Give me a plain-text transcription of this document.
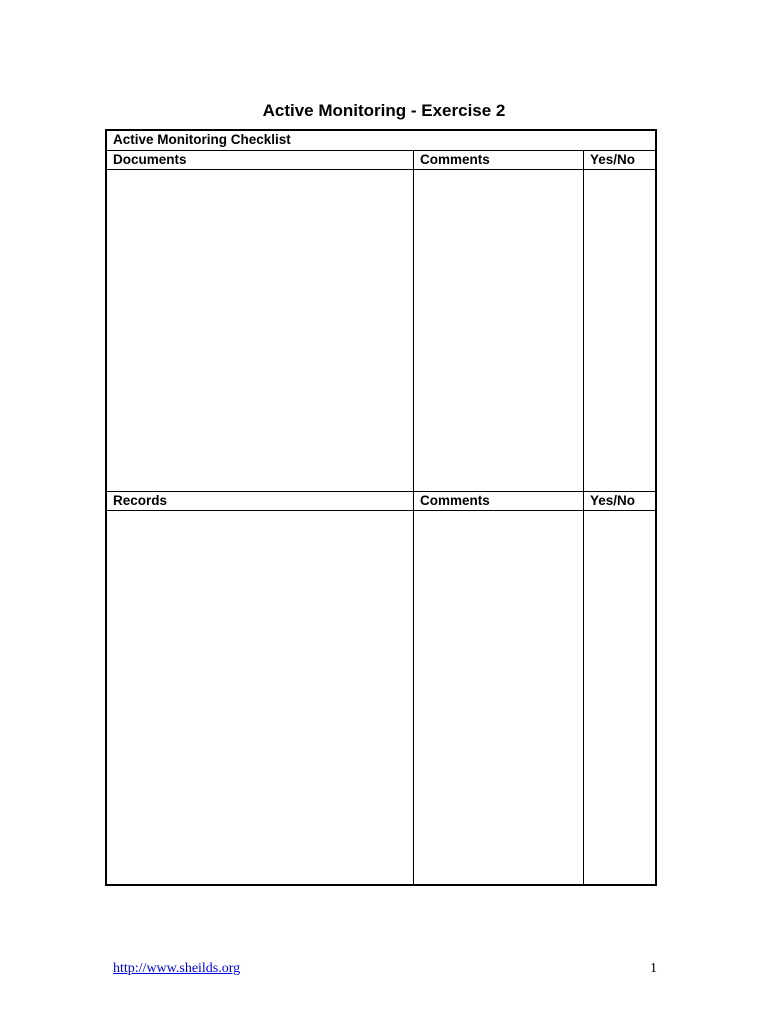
Active Monitoring - Exercise 2
Active Monitoring Checklist
Documents	Comments	Yes/No
Records	Comments	Yes/No
http://www.sheilds.org	1
